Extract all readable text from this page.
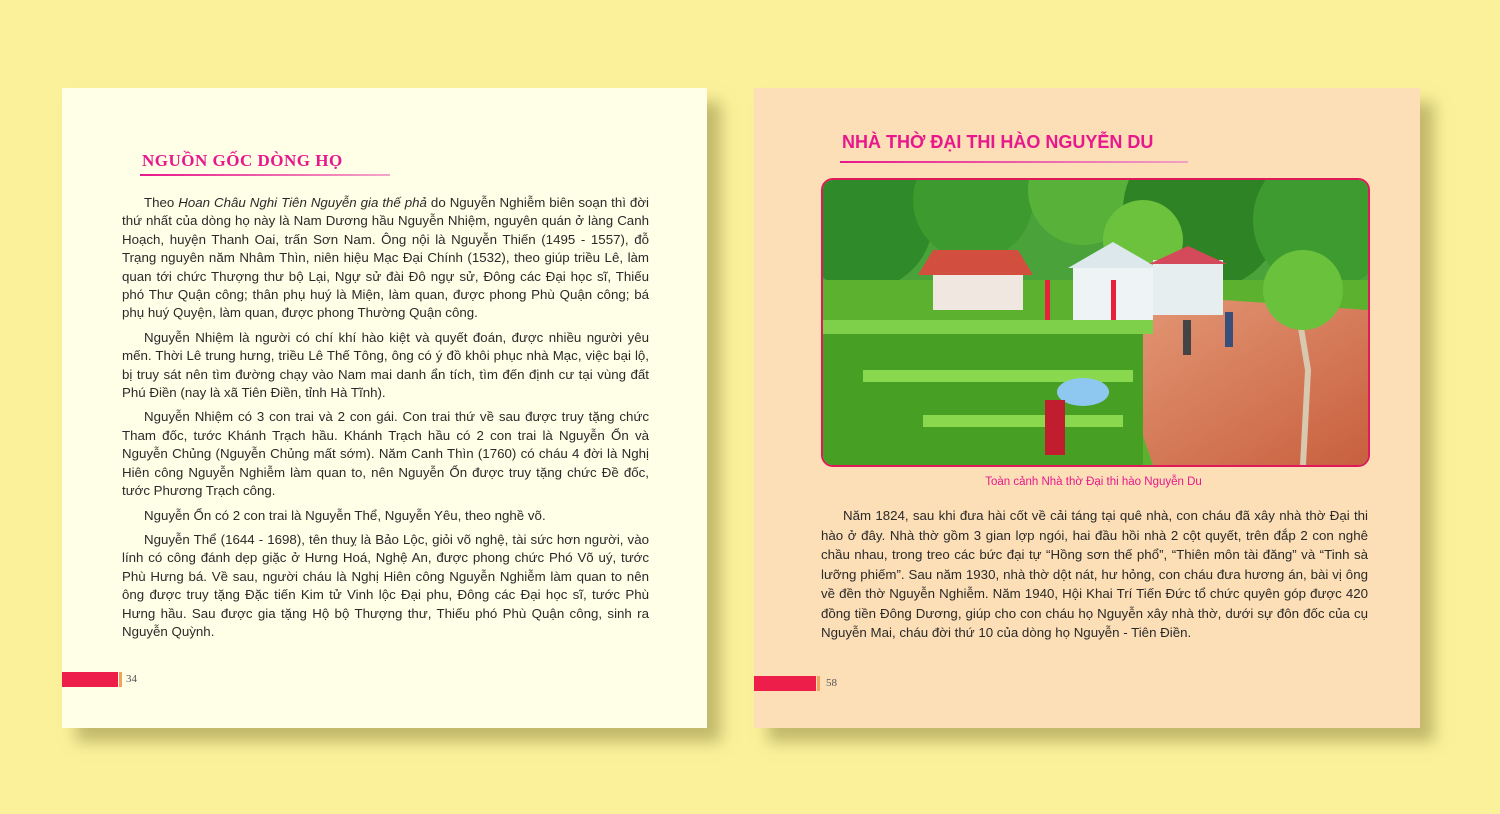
NGUỒN GỐC DÒNG HỌ

Theo Hoan Châu Nghi Tiên Nguyễn gia thế phả do Nguyễn Nghiễm biên soạn thì đời thứ nhất của dòng họ này là Nam Dương hầu Nguyễn Nhiệm, nguyên quán ở làng Canh Hoạch, huyện Thanh Oai, trấn Sơn Nam. Ông nội là Nguyễn Thiến (1495 - 1557), đỗ Trạng nguyên năm Nhâm Thìn, niên hiệu Mạc Đại Chính (1532), theo giúp triều Lê, làm quan tới chức Thượng thư bộ Lại, Ngự sử đài Đô ngự sử, Đông các Đại học sĩ, Thiếu phó Thư Quận công; thân phụ huý là Miện, làm quan, được phong Phù Quận công; bá phụ huý Quyện, làm quan, được phong Thường Quận công.

Nguyễn Nhiệm là người có chí khí hào kiệt và quyết đoán, được nhiều người yêu mến. Thời Lê trung hưng, triều Lê Thế Tông, ông có ý đồ khôi phục nhà Mạc, việc bại lộ, bị truy sát nên tìm đường chạy vào Nam mai danh ẩn tích, tìm đến định cư tại vùng đất Phú Điền (nay là xã Tiên Điền, tỉnh Hà Tĩnh).

Nguyễn Nhiệm có 3 con trai và 2 con gái. Con trai thứ về sau được truy tặng chức Tham đốc, tước Khánh Trạch hầu. Khánh Trạch hầu có 2 con trai là Nguyễn Ổn và Nguyễn Chủng (Nguyễn Chủng mất sớm). Năm Canh Thìn (1760) có cháu 4 đời là Nghị Hiên công Nguyễn Nghiễm làm quan to, nên Nguyễn Ổn được truy tặng chức Đề đốc, tước Phương Trạch công.

Nguyễn Ổn có 2 con trai là Nguyễn Thể, Nguyễn Yêu, theo nghề võ.

Nguyễn Thể (1644 - 1698), tên thuỵ là Bảo Lộc, giỏi võ nghệ, tài sức hơn người, vào lính có công đánh dẹp giặc ở Hưng Hoá, Nghệ An, được phong chức Phó Võ uý, tước Phù Hưng bá. Về sau, người cháu là Nghị Hiên công Nguyễn Nghiễm làm quan to nên ông được truy tặng Đặc tiến Kim tử Vinh lộc Đại phu, Đông các Đại học sĩ, tước Phù Hưng hầu. Sau được gia tặng Hộ bộ Thượng thư, Thiếu phó Phù Quận công, sinh ra Nguyễn Quỳnh.

34
NHÀ THỜ ĐẠI THI HÀO NGUYỄN DU
Toàn cảnh Nhà thờ Đại thi hào Nguyễn Du

Năm 1824, sau khi đưa hài cốt về cải táng tại quê nhà, con cháu đã xây nhà thờ Đại thi hào ở đây. Nhà thờ gồm 3 gian lợp ngói, hai đầu hồi nhà 2 cột quyết, trên đắp 2 con nghê chầu nhau, trong treo các bức đại tự “Hồng sơn thế phổ”, “Thiên môn tài đăng” và “Tinh sà lưỡng phiếm”. Sau năm 1930, nhà thờ dột nát, hư hỏng, con cháu đưa hương án, bài vị ông về đền thờ Nguyễn Nghiễm. Năm 1940, Hội Khai Trí Tiến Đức tổ chức quyên góp được 420 đồng tiền Đông Dương, giúp cho con cháu họ Nguyễn xây nhà thờ, dưới sự đôn đốc của cụ Nguyễn Mai, cháu đời thứ 10 của dòng họ Nguyễn - Tiên Điền.

58
